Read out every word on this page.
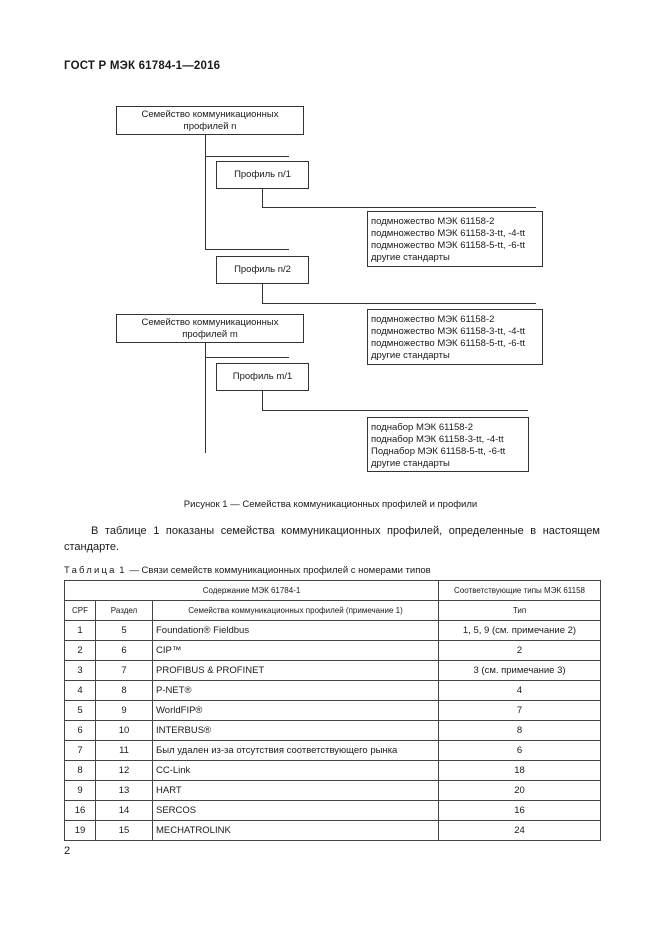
ГОСТ Р МЭК 61784-1—2016
Семейство коммуникационных
профилей n
Профиль n/1
подмножество МЭК 61158-2
подмножество МЭК 61158-3-tt, -4-tt
подмножество МЭК 61158-5-tt, -6-tt
другие стандарты
Профиль n/2
Семейство коммуникационных
профилей m
подмножество МЭК 61158-2
подмножество МЭК 61158-3-tt, -4-tt
подмножество МЭК 61158-5-tt, -6-tt
другие стандарты
Профиль m/1
поднабор МЭК 61158-2
поднабор МЭК 61158-3-tt, -4-tt
Поднабор МЭК 61158-5-tt, -6-tt
другие стандарты
Рисунок 1 — Семейства коммуникационных профилей и профили
В таблице 1 показаны семейства коммуникационных профилей, определенные в настоящем стандарте.
Таблица 1 — Связи семейств коммуникационных профилей с номерами типов
Содержание МЭК 61784-1			Соответствующие типы МЭК 61158
CPF	Раздел	Семейства коммуникационных профилей (примечание 1)	Тип
1	5	Foundation® Fieldbus	1, 5, 9 (см. примечание 2)
2	6	CIP™	2
3	7	PROFIBUS & PROFINET	3 (см. примечание 3)
4	8	P-NET®	4
5	9	WorldFIP®	7
6	10	INTERBUS®	8
7	11	Был удален из-за отсутствия соответствующего рынка	6
8	12	CC-Link	18
9	13	HART	20
16	14	SERCOS	16
19	15	MECHATROLINK	24
2
